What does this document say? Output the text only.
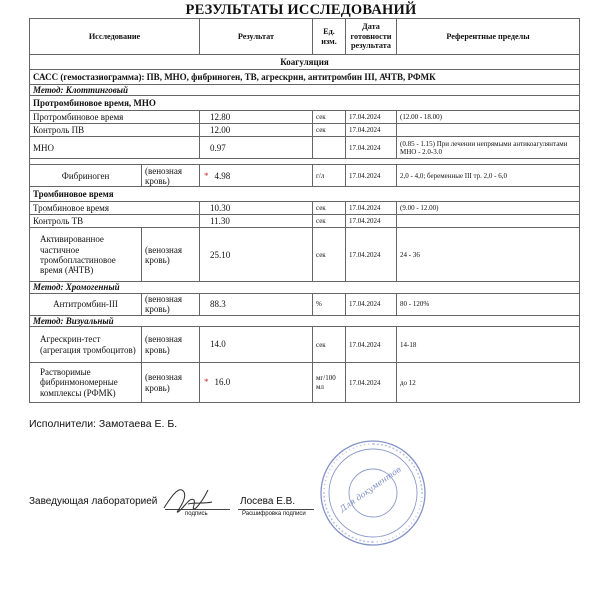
РЕЗУЛЬТАТЫ ИССЛЕДОВАНИЙ
Исследование		Результат	Ед. изм.	Дата готовности результата	Референтные пределы
Коагуляция					
САСС (гемостазиограмма): ПВ, МНО, фибриноген, ТВ, агрескрин, антитромбин III, АЧТВ, РФМК					
Метод: Клоттинговый					
Протромбиновое время, МНО					
Протромбиновое время		12.80	сек	17.04.2024	(12.00 - 18.00)
Контроль ПВ		12.00	сек	17.04.2024	
МНО		0.97		17.04.2024	(0.85 - 1.15) При лечении непрямыми антикоагулянтами МНО - 2.0-3.0

Фибриноген	(венозная кровь)	* 4.98	г/л	17.04.2024	2,0 - 4,0; беременные III тр. 2,0 - 6,0
Тромбиновое время					
Тромбиновое время		10.30	сек	17.04.2024	(9.00 - 12.00)
Контроль ТВ		11.30	сек	17.04.2024	
Активированное частичное тромбопластиновое время (АЧТВ)	(венозная кровь)	25.10	сек	17.04.2024	24 - 36
Метод: Хромогенный					
Антитромбин-III	(венозная кровь)	88.3	%	17.04.2024	80 - 120%
Метод: Визуальный					
Агрескрин-тест (агрегация тромбоцитов)	(венозная кровь)	14.0	сек	17.04.2024	14-18
Растворимые фибринмономерные комплексы (РФМК)	(венозная кровь)	* 16.0	мг/100 мл	17.04.2024	до 12
Исполнители: Замотаева Е. Б.
Заведующая лабораторией
подпись
Лосева Е.В.
Расшифровка подписи
Для документов
